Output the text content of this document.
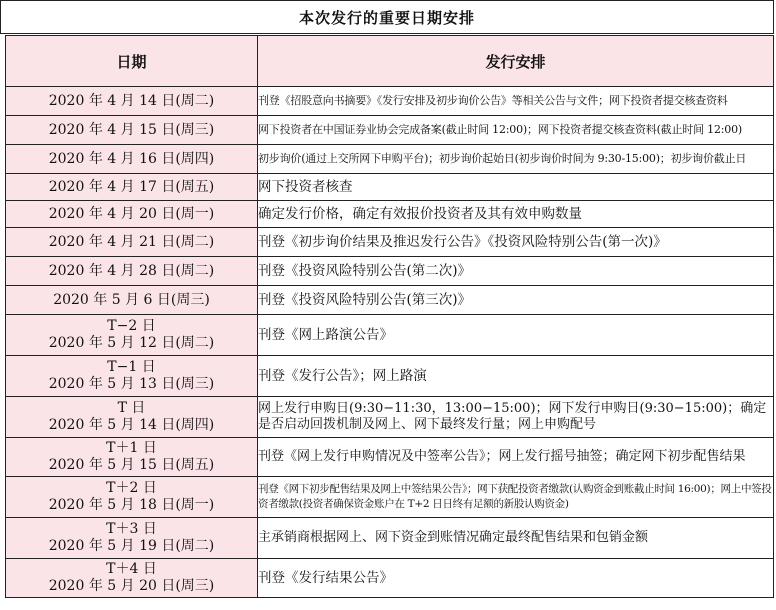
本次发行的重要日期安排
日期	发行安排

2020 年 4 月 14 日(周二)	刊登《招股意向书摘要》《发行安排及初步询价公告》等相关公告与文件；网下投资者提交核查资料

2020 年 4 月 15 日(周三)	网下投资者在中国证券业协会完成备案(截止时间 12:00)；网下投资者提交核查资料(截止时间 12:00)

2020 年 4 月 16 日(周四)	初步询价(通过上交所网下申购平台)；初步询价起始日(初步询价时间为 9:30-15:00)；初步询价截止日

2020 年 4 月 17 日(周五)	网下投资者核查

2020 年 4 月 20 日(周一)	确定发行价格，确定有效报价投资者及其有效申购数量

2020 年 4 月 21 日(周二)	刊登《初步询价结果及推迟发行公告》《投资风险特别公告(第一次)》

2020 年 4 月 28 日(周二)	刊登《投资风险特别公告(第二次)》

2020 年 5 月 6 日(周三)	刊登《投资风险特别公告(第三次)》

T−2 日
2020 年 5 月 12 日(周二)	刊登《网上路演公告》

T−1 日
2020 年 5 月 13 日(周三)	刊登《发行公告》；网上路演

T 日
2020 年 5 月 14 日(周四)	网上发行申购日(9:30−11:30，13:00−15:00)；网下发行申购日(9:30−15:00)；确定是否启动回拨机制及网上、网下最终发行量；网上申购配号

T＋1 日
2020 年 5 月 15 日(周五)	刊登《网上发行申购情况及中签率公告》；网上发行摇号抽签；确定网下初步配售结果

T＋2 日
2020 年 5 月 18 日(周一)	刊登《网下初步配售结果及网上中签结果公告》；网下获配投资者缴款(认购资金到账截止时间 16:00)；网上中签投资者缴款(投资者确保资金账户在 T+2 日日终有足额的新股认购资金)

T＋3 日
2020 年 5 月 19 日(周二)	主承销商根据网上、网下资金到账情况确定最终配售结果和包销金额

T＋4 日
2020 年 5 月 20 日(周三)	刊登《发行结果公告》
